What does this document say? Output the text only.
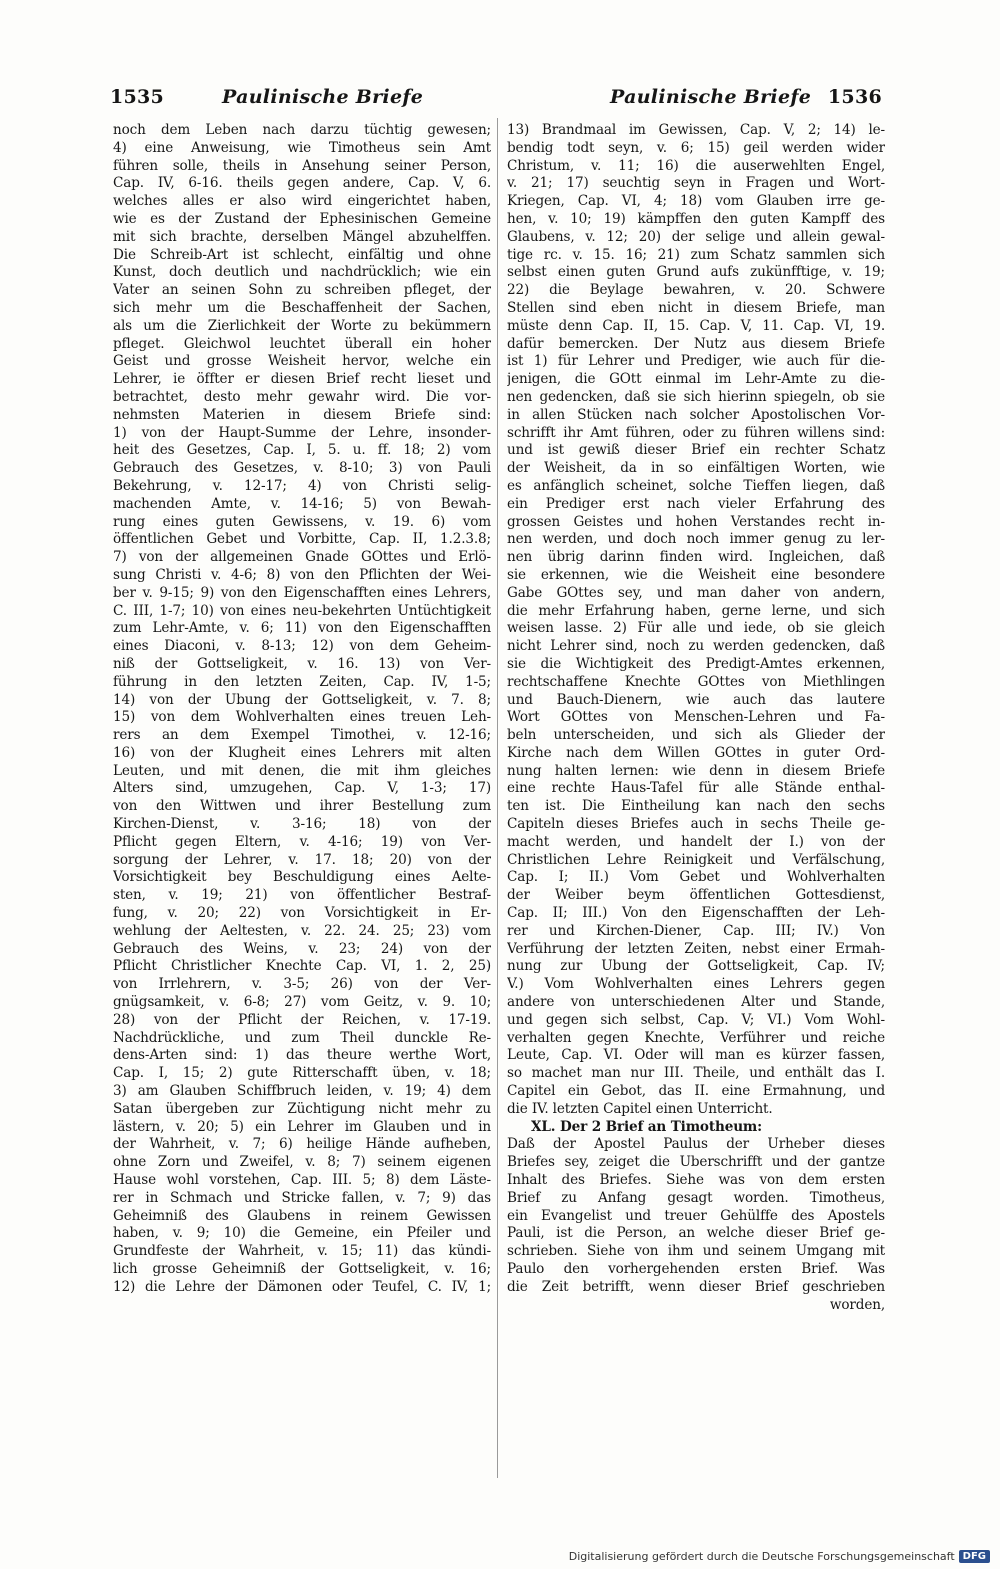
1535	Paulinische Briefe	Paulinische Briefe 1536
noch dem Leben nach darzu tüchtig gewesen;
4) eine Anweisung, wie Timotheus sein Amt
führen solle, theils in Ansehung seiner Person,
Cap. IV, 6-16. theils gegen andere, Cap. V, 6.
welches alles er also wird eingerichtet haben,
wie es der Zustand der Ephesinischen Gemeine
mit sich brachte, derselben Mängel abzuhelffen.
Die Schreib-Art ist schlecht, einfältig und ohne
Kunst, doch deutlich und nachdrücklich; wie ein
Vater an seinen Sohn zu schreiben pfleget, der
sich mehr um die Beschaffenheit der Sachen,
als um die Zierlichkeit der Worte zu bekümmern
pfleget. Gleichwol leuchtet überall ein hoher
Geist und grosse Weisheit hervor, welche ein
Lehrer, ie öffter er diesen Brief recht lieset und
betrachtet, desto mehr gewahr wird. Die vor-
nehmsten Materien in diesem Briefe sind:
1) von der Haupt-Summe der Lehre, insonder-
heit des Gesetzes, Cap. I, 5. u. ff. 18; 2) vom
Gebrauch des Gesetzes, v. 8-10; 3) von Pauli
Bekehrung, v. 12-17; 4) von Christi selig-
machenden Amte, v. 14-16; 5) von Bewah-
rung eines guten Gewissens, v. 19. 6) vom
öffentlichen Gebet und Vorbitte, Cap. II, 1.2.3.8;
7) von der allgemeinen Gnade GOttes und Erlö-
sung Christi v. 4-6; 8) von den Pflichten der Wei-
ber v. 9-15; 9) von den Eigenschafften eines Lehrers,
C. III, 1-7; 10) von eines neu-bekehrten Untüchtigkeit
zum Lehr-Amte, v. 6; 11) von den Eigenschafften
eines Diaconi, v. 8-13; 12) von dem Geheim-
niß der Gottseligkeit, v. 16. 13) von Ver-
führung in den letzten Zeiten, Cap. IV, 1-5;
14) von der Ubung der Gottseligkeit, v. 7. 8;
15) von dem Wohlverhalten eines treuen Leh-
rers an dem Exempel Timothei, v. 12-16;
16) von der Klugheit eines Lehrers mit alten
Leuten, und mit denen, die mit ihm gleiches
Alters sind, umzugehen, Cap. V, 1-3; 17)
von den Wittwen und ihrer Bestellung zum
Kirchen-Dienst, v. 3-16; 18) von der
Pflicht gegen Eltern, v. 4-16; 19) von Ver-
sorgung der Lehrer, v. 17. 18; 20) von der
Vorsichtigkeit bey Beschuldigung eines Aelte-
sten, v. 19; 21) von öffentlicher Bestraf-
fung, v. 20; 22) von Vorsichtigkeit in Er-
wehlung der Aeltesten, v. 22. 24. 25; 23) vom
Gebrauch des Weins, v. 23; 24) von der
Pflicht Christlicher Knechte Cap. VI, 1. 2, 25)
von Irrlehrern, v. 3-5; 26) von der Ver-
gnügsamkeit, v. 6-8; 27) vom Geitz, v. 9. 10;
28) von der Pflicht der Reichen, v. 17-19.
Nachdrückliche, und zum Theil dunckle Re-
dens-Arten sind: 1) das theure werthe Wort,
Cap. I, 15; 2) gute Ritterschafft üben, v. 18;
3) am Glauben Schiffbruch leiden, v. 19; 4) dem
Satan übergeben zur Züchtigung nicht mehr zu
lästern, v. 20; 5) ein Lehrer im Glauben und in
der Wahrheit, v. 7; 6) heilige Hände aufheben,
ohne Zorn und Zweifel, v. 8; 7) seinem eigenen
Hause wohl vorstehen, Cap. III. 5; 8) dem Läste-
rer in Schmach und Stricke fallen, v. 7; 9) das
Geheimniß des Glaubens in reinem Gewissen
haben, v. 9; 10) die Gemeine, ein Pfeiler und
Grundfeste der Wahrheit, v. 15; 11) das kündi-
lich grosse Geheimniß der Gottseligkeit, v. 16;
12) die Lehre der Dämonen oder Teufel, C. IV, 1;
13) Brandmaal im Gewissen, Cap. V, 2; 14) le-
bendig todt seyn, v. 6; 15) geil werden wider
Christum, v. 11; 16) die auserwehlten Engel,
v. 21; 17) seuchtig seyn in Fragen und Wort-
Kriegen, Cap. VI, 4; 18) vom Glauben irre ge-
hen, v. 10; 19) kämpffen den guten Kampff des
Glaubens, v. 12; 20) der selige und allein gewal-
tige rc. v. 15. 16; 21) zum Schatz sammlen sich
selbst einen guten Grund aufs zukünfftige, v. 19;
22) die Beylage bewahren, v. 20. Schwere
Stellen sind eben nicht in diesem Briefe, man
müste denn Cap. II, 15. Cap. V, 11. Cap. VI, 19.
dafür bemercken. Der Nutz aus diesem Briefe
ist 1) für Lehrer und Prediger, wie auch für die-
jenigen, die GOtt einmal im Lehr-Amte zu die-
nen gedencken, daß sie sich hierinn spiegeln, ob sie
in allen Stücken nach solcher Apostolischen Vor-
schrifft ihr Amt führen, oder zu führen willens sind:
und ist gewiß dieser Brief ein rechter Schatz
der Weisheit, da in so einfältigen Worten, wie
es anfänglich scheinet, solche Tieffen liegen, daß
ein Prediger erst nach vieler Erfahrung des
grossen Geistes und hohen Verstandes recht in-
nen werden, und doch noch immer genug zu ler-
nen übrig darinn finden wird. Ingleichen, daß
sie erkennen, wie die Weisheit eine besondere
Gabe GOttes sey, und man daher von andern,
die mehr Erfahrung haben, gerne lerne, und sich
weisen lasse. 2) Für alle und iede, ob sie gleich
nicht Lehrer sind, noch zu werden gedencken, daß
sie die Wichtigkeit des Predigt-Amtes erkennen,
rechtschaffene Knechte GOttes von Miethlingen
und Bauch-Dienern, wie auch das lautere
Wort GOttes von Menschen-Lehren und Fa-
beln unterscheiden, und sich als Glieder der
Kirche nach dem Willen GOttes in guter Ord-
nung halten lernen: wie denn in diesem Briefe
eine rechte Haus-Tafel für alle Stände enthal-
ten ist. Die Eintheilung kan nach den sechs
Capiteln dieses Briefes auch in sechs Theile ge-
macht werden, und handelt der I.) von der
Christlichen Lehre Reinigkeit und Verfälschung,
Cap. I; II.) Vom Gebet und Wohlverhalten
der Weiber beym öffentlichen Gottesdienst,
Cap. II; III.) Von den Eigenschafften der Leh-
rer und Kirchen-Diener, Cap. III; IV.) Von
Verführung der letzten Zeiten, nebst einer Ermah-
nung zur Ubung der Gottseligkeit, Cap. IV;
V.) Vom Wohlverhalten eines Lehrers gegen
andere von unterschiedenen Alter und Stande,
und gegen sich selbst, Cap. V; VI.) Vom Wohl-
verhalten gegen Knechte, Verführer und reiche
Leute, Cap. VI. Oder will man es kürzer fassen,
so machet man nur III. Theile, und enthält das I.
Capitel ein Gebot, das II. eine Ermahnung, und
die IV. letzten Capitel einen Unterricht.
XL. Der 2 Brief an Timotheum:
Daß der Apostel Paulus der Urheber dieses
Briefes sey, zeiget die Uberschrifft und der gantze
Inhalt des Briefes. Siehe was von dem ersten
Brief zu Anfang gesagt worden. Timotheus,
ein Evangelist und treuer Gehülffe des Apostels
Pauli, ist die Person, an welche dieser Brief ge-
schrieben. Siehe von ihm und seinem Umgang mit
Paulo den vorhergehenden ersten Brief. Was
die Zeit betrifft, wenn dieser Brief geschrieben
worden,
Digitalisierung gefördert durch die Deutsche Forschungsgemeinschaft DFG
